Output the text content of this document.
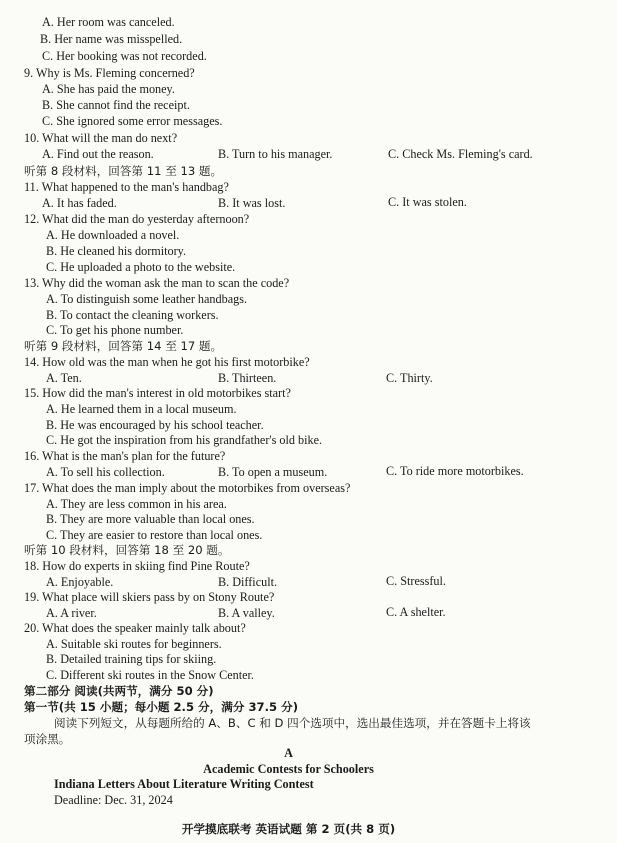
A. Her room was canceled.
B. Her name was misspelled.
C. Her booking was not recorded.
9. Why is Ms. Fleming concerned?
A. She has paid the money.
B. She cannot find the receipt.
C. She ignored some error messages.
10. What will the man do next?
A. Find out the reason.	B. Turn to his manager.	C. Check Ms. Fleming's card.
听第 8 段材料，回答第 11 至 13 题。
11. What happened to the man's handbag?
A. It has faded.	B. It was lost.	C. It was stolen.
12. What did the man do yesterday afternoon?
A. He downloaded a novel.
B. He cleaned his dormitory.
C. He uploaded a photo to the website.
13. Why did the woman ask the man to scan the code?
A. To distinguish some leather handbags.
B. To contact the cleaning workers.
C. To get his phone number.
听第 9 段材料，回答第 14 至 17 题。
14. How old was the man when he got his first motorbike?
A. Ten.	B. Thirteen.	C. Thirty.
15. How did the man's interest in old motorbikes start?
A. He learned them in a local museum.
B. He was encouraged by his school teacher.
C. He got the inspiration from his grandfather's old bike.
16. What is the man's plan for the future?
A. To sell his collection.	B. To open a museum.	C. To ride more motorbikes.
17. What does the man imply about the motorbikes from overseas?
A. They are less common in his area.
B. They are more valuable than local ones.
C. They are easier to restore than local ones.
听第 10 段材料，回答第 18 至 20 题。
18. How do experts in skiing find Pine Route?
A. Enjoyable.	B. Difficult.	C. Stressful.
19. What place will skiers pass by on Stony Route?
A. A river.	B. A valley.	C. A shelter.
20. What does the speaker mainly talk about?
A. Suitable ski routes for beginners.
B. Detailed training tips for skiing.
C. Different ski routes in the Snow Center.
第二部分 阅读(共两节，满分 50 分)
第一节(共 15 小题；每小题 2.5 分，满分 37.5 分)
阅读下列短文，从每题所给的 A、B、C 和 D 四个选项中，选出最佳选项，并在答题卡上将该
项涂黑。
A
Academic Contests for Schoolers
Indiana Letters About Literature Writing Contest
Deadline: Dec. 31, 2024
开学摸底联考 英语试题 第 2 页(共 8 页)
